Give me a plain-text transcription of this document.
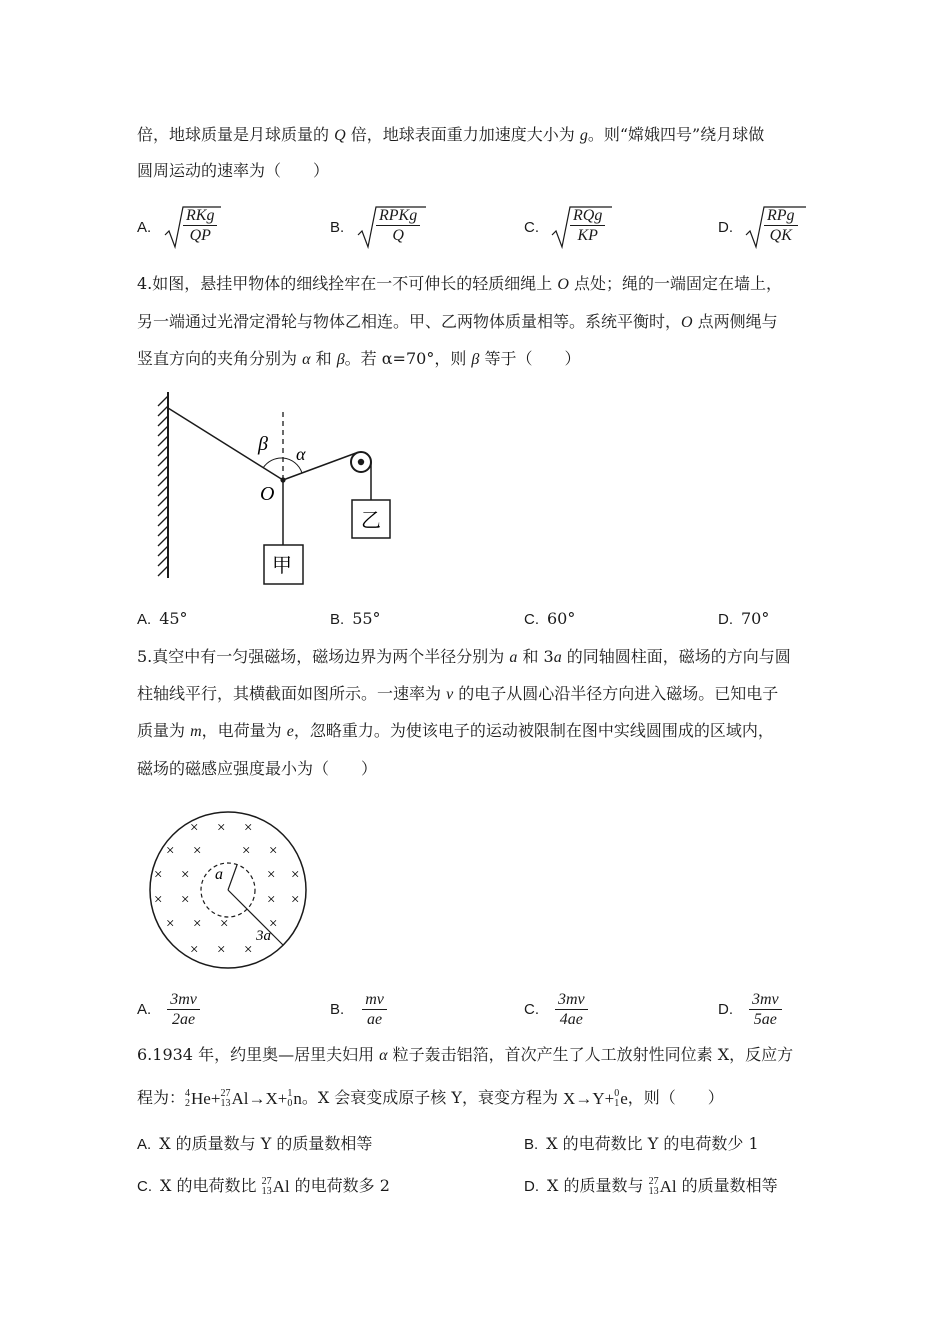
倍，地球质量是月球质量的 Q 倍，地球表面重力加速度大小为 g。则“嫦娥四号”绕月球做
圆周运动的速率为（　　）
A.
RKg
QP	B.
RPKg
Q	C.
RQg
KP	D.
RPg
QK
4.如图，悬挂甲物体的细线拴牢在一不可伸长的轻质细绳上 O 点处；绳的一端固定在墙上，
另一端通过光滑定滑轮与物体乙相连。甲、乙两物体质量相等。系统平衡时，O 点两侧绳与
竖直方向的夹角分别为 α 和 β。若 α=70°，则 β 等于（　　）
β α
O
甲
乙
A. 45°	B. 55°	C. 60°	D. 70°
5.真空中有一匀强磁场，磁场边界为两个半径分别为 a 和 3a 的同轴圆柱面，磁场的方向与圆
柱轴线平行，其横截面如图所示。一速率为 v 的电子从圆心沿半径方向进入磁场。已知电子
质量为 m，电荷量为 e，忽略重力。为使该电子的运动被限制在图中实线圆围成的区域内，
磁场的磁感应强度最小为（　　）
× × ×
× ×	× ×
× ×	× ×
× ×	× ×
× × ×	×
× × ×
a
3a
A. $\frac{3mv}{2ae}$	B. $\frac{mv}{ae}$	C. $\frac{3mv}{4ae}$	D. $\frac{3mv}{5ae}$
6.1934 年，约里奥—居里夫妇用 α 粒子轰击铝箔，首次产生了人工放射性同位素 X，反应方
程为： 4
2 He + 27
13 Al → X + 1
0 n 。X 会衰变成原子核 Y，衰变方程为 X → Y + 0
1 e ，则（　　）
A. X 的质量数与 Y 的质量数相等	B. X 的电荷数比 Y 的电荷数少 1
C. X 的电荷数比 27
13 Al 的电荷数多 2	D. X 的质量数与 27
13 Al 的质量数相等
